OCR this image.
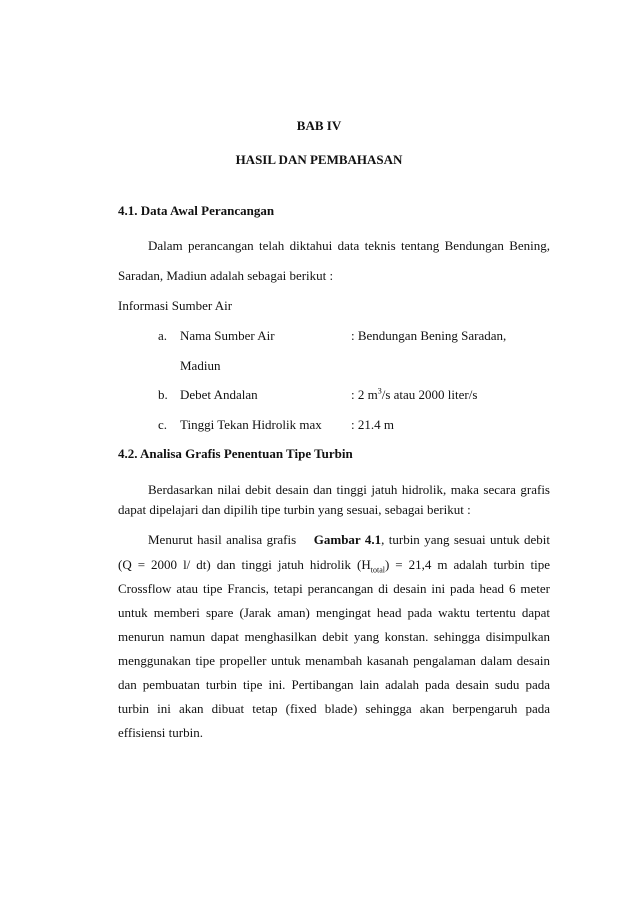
BAB IV
HASIL DAN PEMBAHASAN
4.1. Data Awal Perancangan
Dalam perancangan telah diktahui data teknis tentang Bendungan Bening,
Saradan, Madiun adalah sebagai berikut :
Informasi Sumber Air
a. Nama Sumber Air	: Bendungan Bening Saradan,
Madiun
b. Debet Andalan	: 2 $m^3/s$ atau 2000 liter/s
c. Tinggi Tekan Hidrolik max : 21.4 m
4.2. Analisa Grafis Penentuan Tipe Turbin
Berdasarkan nilai debit desain dan tinggi jatuh hidrolik, maka secara grafis
dapat dipelajari dan dipilih tipe turbin yang sesuai, sebagai berikut :
Menurut hasil analisa grafis Gambar 4.1, turbin yang sesuai untuk debit
(Q = 2000 l/ dt) dan tinggi jatuh hidrolik $(H_{total}) = 21,4$ m adalah turbin tipe
Crossflow atau tipe Francis, tetapi perancangan di desain ini pada head 6 meter
untuk memberi spare (Jarak aman) mengingat head pada waktu tertentu dapat
menurun namun dapat menghasilkan debit yang konstan. sehingga disimpulkan
menggunakan tipe propeller untuk menambah kasanah pengalaman dalam desain
dan pembuatan turbin tipe ini. Pertibangan lain adalah pada desain sudu pada
turbin ini akan dibuat tetap (fixed blade) sehingga akan berpengaruh pada
effisiensi turbin.
